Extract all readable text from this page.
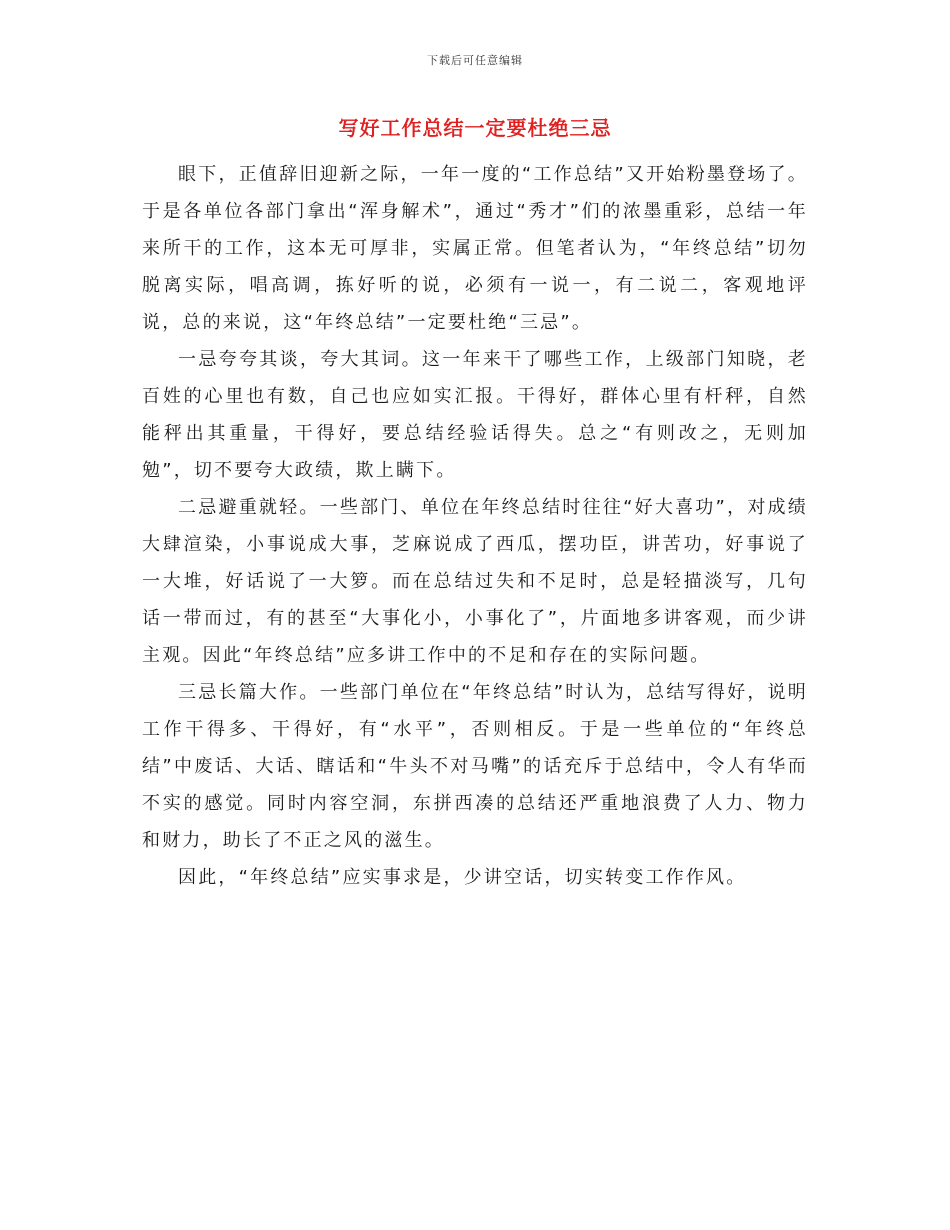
下载后可任意编辑
写好工作总结一定要杜绝三忌

眼下，正值辞旧迎新之际，一年一度的“工作总结”又开始粉墨登场了。于是各单位各部门拿出“浑身解术”，通过“秀才”们的浓墨重彩，总结一年来所干的工作，这本无可厚非，实属正常。但笔者认为，“年终总结”切勿脱离实际，唱高调，拣好听的说，必须有一说一，有二说二，客观地评说，总的来说，这“年终总结”一定要杜绝“三忌”。

一忌夸夸其谈，夸大其词。这一年来干了哪些工作，上级部门知晓，老百姓的心里也有数，自己也应如实汇报。干得好，群体心里有杆秤，自然能秤出其重量，干得好，要总结经验话得失。总之“有则改之，无则加勉”，切不要夸大政绩，欺上瞒下。

二忌避重就轻。一些部门、单位在年终总结时往往“好大喜功”，对成绩大肆渲染，小事说成大事，芝麻说成了西瓜，摆功臣，讲苦功，好事说了一大堆，好话说了一大箩。而在总结过失和不足时，总是轻描淡写，几句话一带而过，有的甚至“大事化小，小事化了”，片面地多讲客观，而少讲主观。因此“年终总结”应多讲工作中的不足和存在的实际问题。

三忌长篇大作。一些部门单位在“年终总结”时认为，总结写得好，说明工作干得多、干得好，有“水平”，否则相反。于是一些单位的“年终总结”中废话、大话、瞎话和“牛头不对马嘴”的话充斥于总结中，令人有华而不实的感觉。同时内容空洞，东拼西凑的总结还严重地浪费了人力、物力和财力，助长了不正之风的滋生。

因此，“年终总结”应实事求是，少讲空话，切实转变工作作风。
